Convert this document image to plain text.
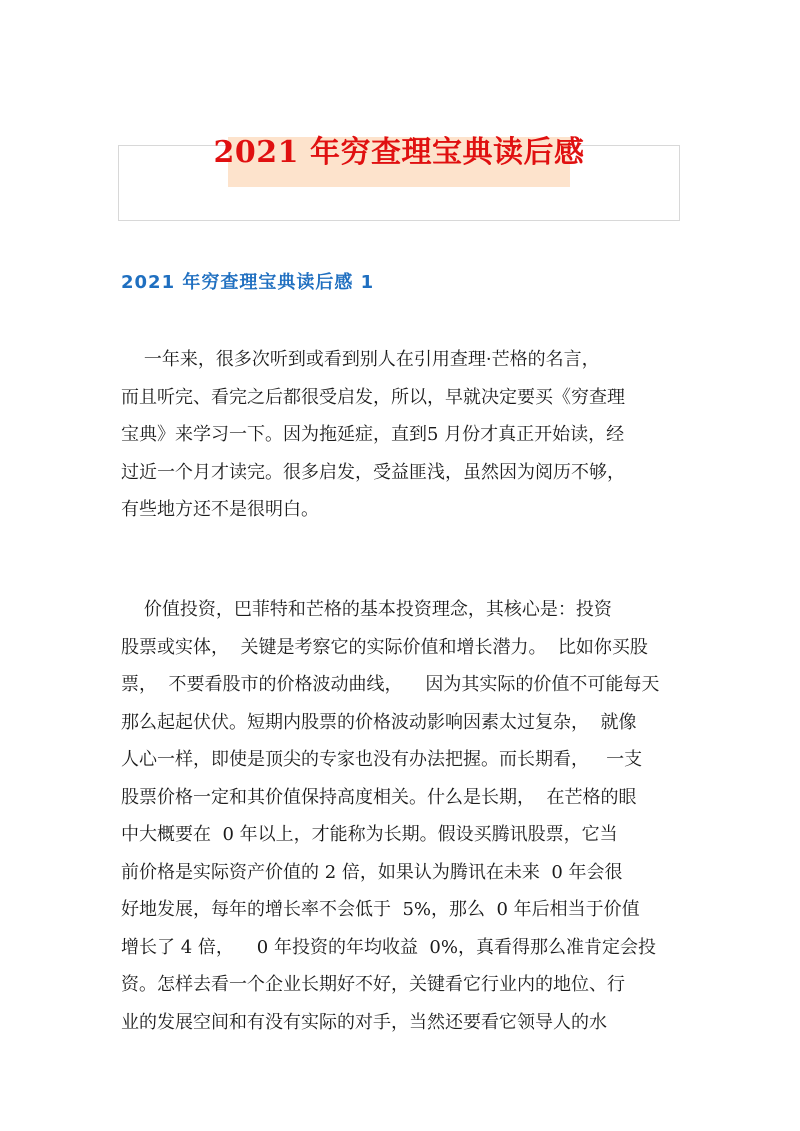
2021 年穷查理宝典读后感
2021 年穷查理宝典读后感 1
一年来，很多次听到或看到别人在引用查理·芒格的名言，
而且听完、看完之后都很受启发，所以，早就决定要买《穷查理
宝典》来学习一下。因为拖延症，直到5 月份才真正开始读，经
过近一个月才读完。很多启发，受益匪浅，虽然因为阅历不够，
有些地方还不是很明白。
价值投资，巴菲特和芒格的基本投资理念，其核心是：投资
股票或实体，  关键是考察它的实际价值和增长潜力。  比如你买股
票，  不要看股市的价格波动曲线，    因为其实际的价值不可能每天
那么起起伏伏。短期内股票的价格波动影响因素太过复杂，  就像
人心一样，即使是顶尖的专家也没有办法把握。而长期看，   一支
股票价格一定和其价值保持高度相关。什么是长期，  在芒格的眼
中大概要在  0 年以上，才能称为长期。假设买腾讯股票，它当
前价格是实际资产价值的 2 倍，如果认为腾讯在未来  0 年会很
好地发展，每年的增长率不会低于  5%，那么  0 年后相当于价值
增长了 4 倍，    0 年投资的年均收益  0%，真看得那么准肯定会投
资。怎样去看一个企业长期好不好，关键看它行业内的地位、行
业的发展空间和有没有实际的对手，当然还要看它领导人的水
